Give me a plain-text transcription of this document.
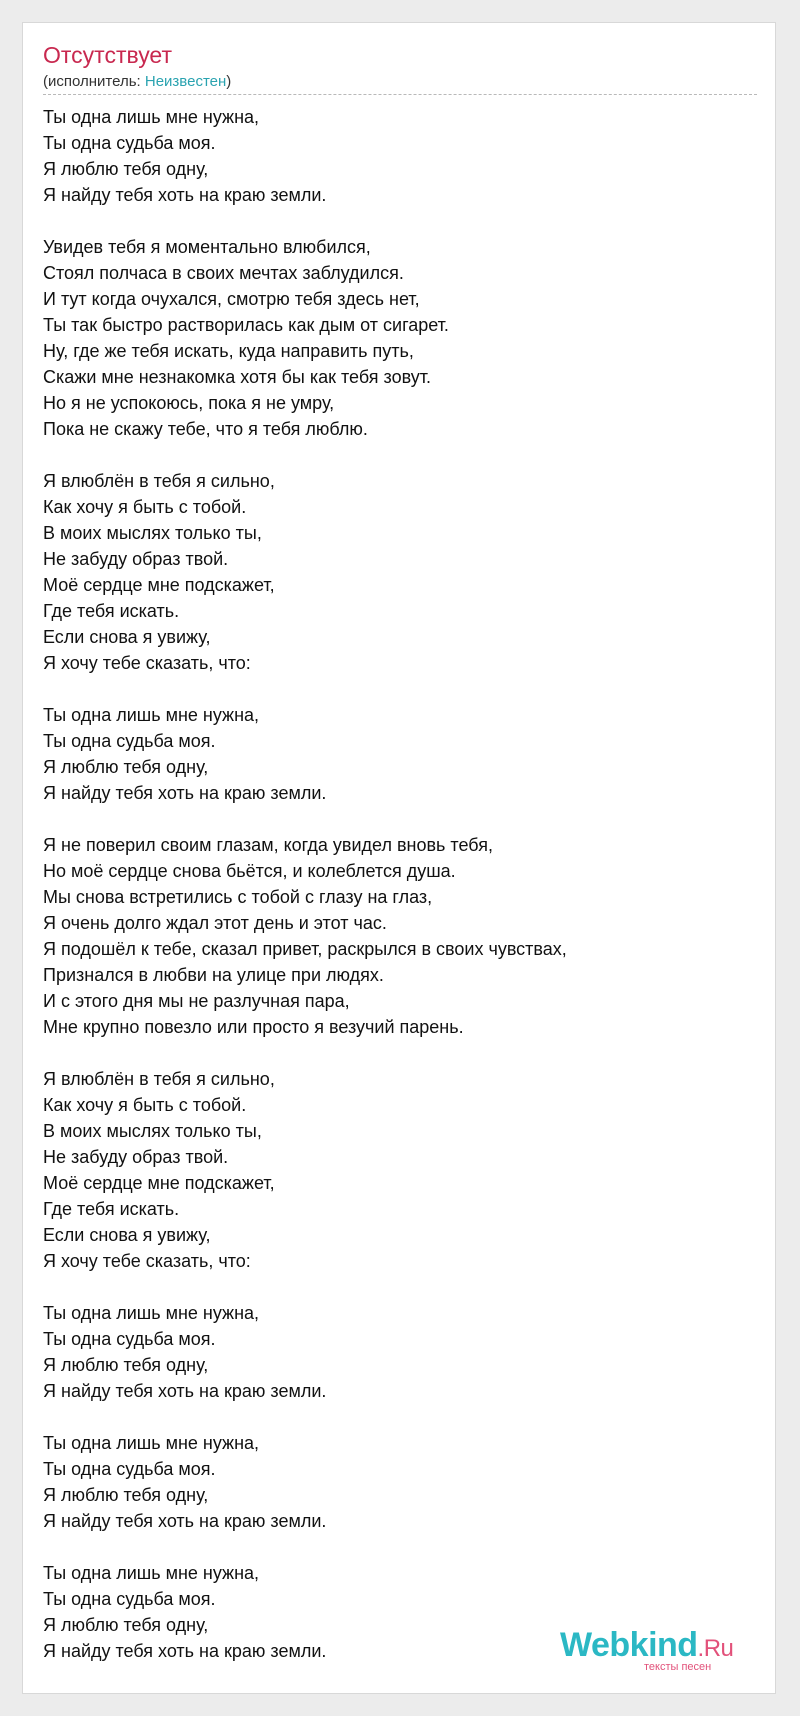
Отсутствует
(исполнитель: Неизвестен)
Ты одна лишь мне нужна,
Ты одна судьба моя.
Я люблю тебя одну,
Я найду тебя хоть на краю земли.
Увидев тебя я моментально влюбился,
Стоял полчаса в своих мечтах заблудился.
И тут когда очухался, смотрю тебя здесь нет,
Ты так быстро растворилась как дым от сигарет.
Ну, где же тебя искать, куда направить путь,
Скажи мне незнакомка хотя бы как тебя зовут.
Но я не успокоюсь, пока я не умру,
Пока не скажу тебе, что я тебя люблю.
Я влюблён в тебя я сильно,
Как хочу я быть с тобой.
В моих мыслях только ты,
Не забуду образ твой.
Моё сердце мне подскажет,
Где тебя искать.
Если снова я увижу,
Я хочу тебе сказать, что:
Ты одна лишь мне нужна,
Ты одна судьба моя.
Я люблю тебя одну,
Я найду тебя хоть на краю земли.
Я не поверил своим глазам, когда увидел вновь тебя,
Но моё сердце снова бьётся, и колеблется душа.
Мы снова встретились с тобой с глазу на глаз,
Я очень долго ждал этот день и этот час.
Я подошёл к тебе, сказал привет, раскрылся в своих чувствах,
Признался в любви на улице при людях.
И с этого дня мы не разлучная пара,
Мне крупно повезло или просто я везучий парень.
Я влюблён в тебя я сильно,
Как хочу я быть с тобой.
В моих мыслях только ты,
Не забуду образ твой.
Моё сердце мне подскажет,
Где тебя искать.
Если снова я увижу,
Я хочу тебе сказать, что:
Ты одна лишь мне нужна,
Ты одна судьба моя.
Я люблю тебя одну,
Я найду тебя хоть на краю земли.
Ты одна лишь мне нужна,
Ты одна судьба моя.
Я люблю тебя одну,
Я найду тебя хоть на краю земли.
Ты одна лишь мне нужна,
Ты одна судьба моя.
Я люблю тебя одну,
Я найду тебя хоть на краю земли.	Webkind.Ru
тексты песен
